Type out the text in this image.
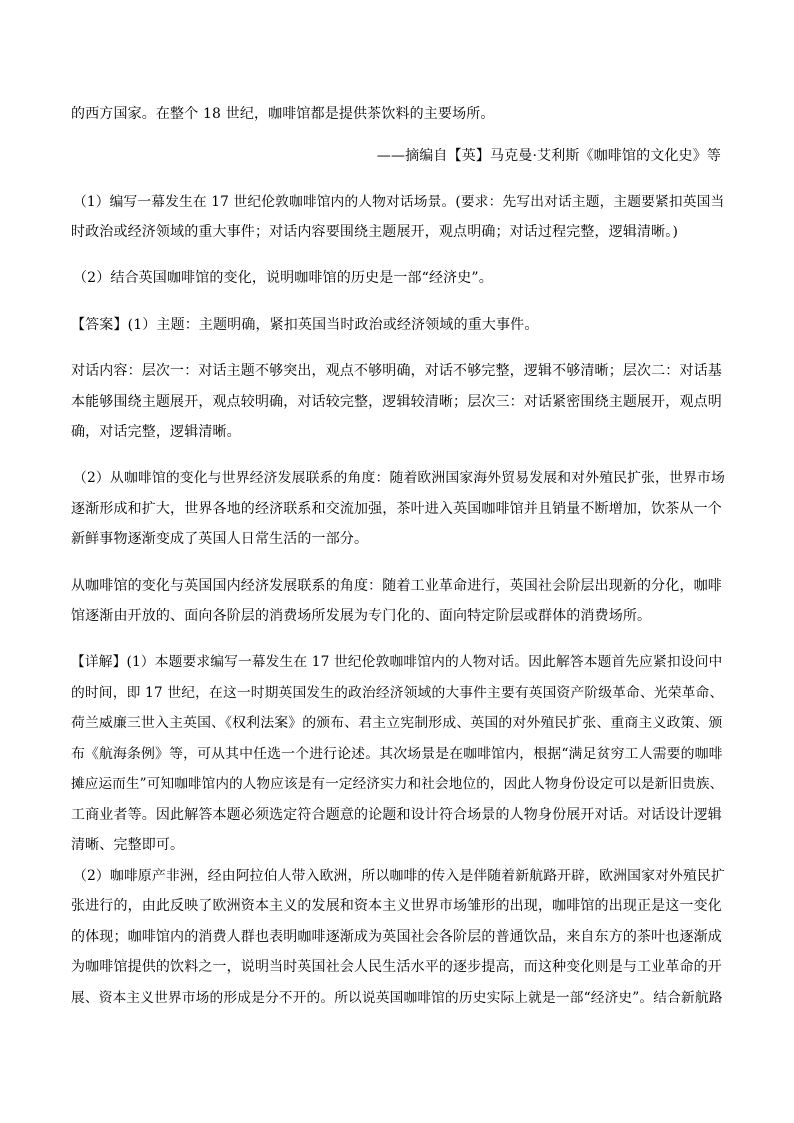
的西方国家。在整个 18 世纪，咖啡馆都是提供茶饮料的主要场所。
——摘编自【英】马克曼·艾利斯《咖啡馆的文化史》等
（1）编写一幕发生在 17 世纪伦敦咖啡馆内的人物对话场景。(要求：先写出对话主题，主题要紧扣英国当
时政治或经济领域的重大事件；对话内容要围绕主题展开，观点明确；对话过程完整，逻辑清晰。)
（2）结合英国咖啡馆的变化，说明咖啡馆的历史是一部“经济史”。
【答案】(1）主题：主题明确，紧扣英国当时政治或经济领域的重大事件。
对话内容：层次一：对话主题不够突出，观点不够明确，对话不够完整，逻辑不够清晰；层次二：对话基
本能够围绕主题展开，观点较明确，对话较完整，逻辑较清晰；层次三：对话紧密围绕主题展开，观点明
确，对话完整，逻辑清晰。
（2）从咖啡馆的变化与世界经济发展联系的角度：随着欧洲国家海外贸易发展和对外殖民扩张，世界市场
逐渐形成和扩大，世界各地的经济联系和交流加强，茶叶进入英国咖啡馆并且销量不断增加，饮茶从一个
新鲜事物逐渐变成了英国人日常生活的一部分。
从咖啡馆的变化与英国国内经济发展联系的角度：随着工业革命进行，英国社会阶层出现新的分化，咖啡
馆逐渐由开放的、面向各阶层的消费场所发展为专门化的、面向特定阶层或群体的消费场所。
【详解】(1）本题要求编写一幕发生在 17 世纪伦敦咖啡馆内的人物对话。因此解答本题首先应紧扣设问中
的时间，即 17 世纪，在这一时期英国发生的政治经济领域的大事件主要有英国资产阶级革命、光荣革命、
荷兰威廉三世入主英国、《权利法案》的颁布、君主立宪制形成、英国的对外殖民扩张、重商主义政策、颁
布《航海条例》等，可从其中任选一个进行论述。其次场景是在咖啡馆内，根据“满足贫穷工人需要的咖啡
摊应运而生”可知咖啡馆内的人物应该是有一定经济实力和社会地位的，因此人物身份设定可以是新旧贵族、
工商业者等。因此解答本题必须选定符合题意的论题和设计符合场景的人物身份展开对话。对话设计逻辑
清晰、完整即可。
（2）咖啡原产非洲，经由阿拉伯人带入欧洲，所以咖啡的传入是伴随着新航路开辟，欧洲国家对外殖民扩
张进行的，由此反映了欧洲资本主义的发展和资本主义世界市场雏形的出现，咖啡馆的出现正是这一变化
的体现；咖啡馆内的消费人群也表明咖啡逐渐成为英国社会各阶层的普通饮品，来自东方的茶叶也逐渐成
为咖啡馆提供的饮料之一，说明当时英国社会人民生活水平的逐步提高，而这种变化则是与工业革命的开
展、资本主义世界市场的形成是分不开的。所以说英国咖啡馆的历史实际上就是一部“经济史”。结合新航路
